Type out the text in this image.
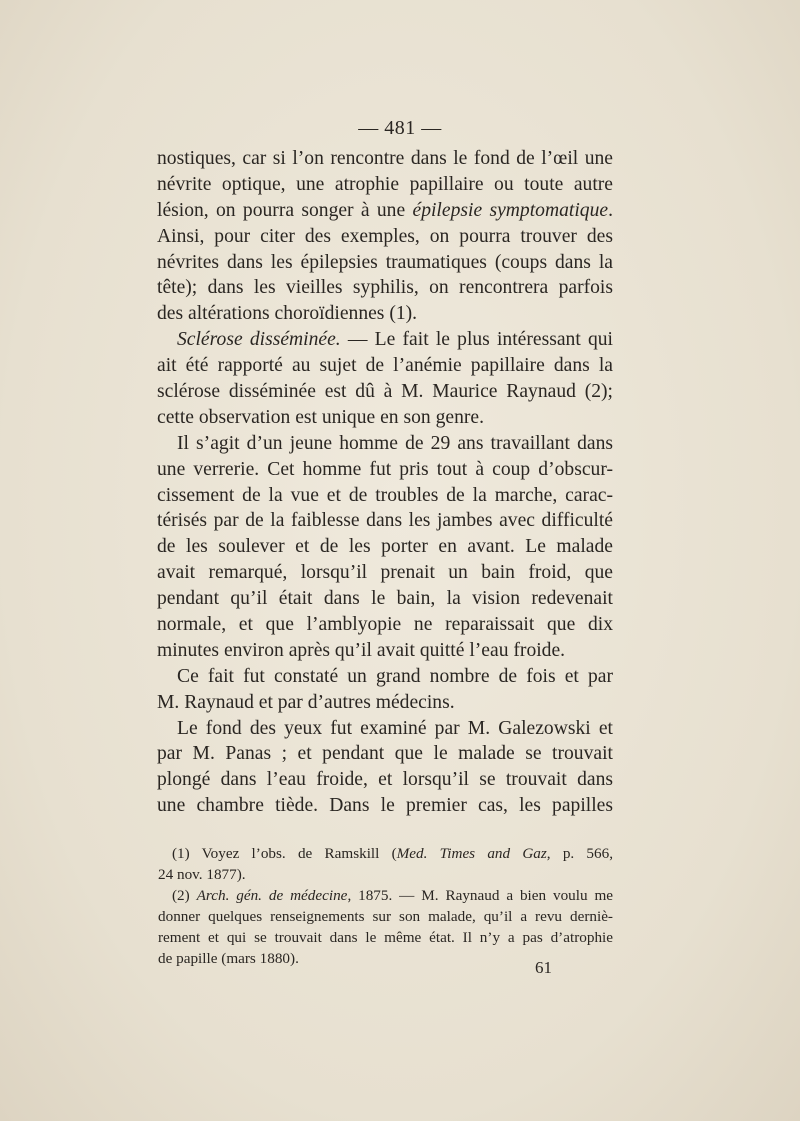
— 481 —
nostiques, car si l’on rencontre dans le fond de l’œil une
névrite optique, une atrophie papillaire ou toute autre
lésion, on pourra songer à une épilepsie symptomatique.
Ainsi, pour citer des exemples, on pourra trouver des
névrites dans les épilepsies traumatiques (coups dans la
tête); dans les vieilles syphilis, on rencontrera parfois
des altérations choroïdiennes (1).
Sclérose disséminée. — Le fait le plus intéressant qui
ait été rapporté au sujet de l’anémie papillaire dans la
sclérose disséminée est dû à M. Maurice Raynaud (2);
cette observation est unique en son genre.
Il s’agit d’un jeune homme de 29 ans travaillant dans
une verrerie. Cet homme fut pris tout à coup d’obscur-
cissement de la vue et de troubles de la marche, carac-
térisés par de la faiblesse dans les jambes avec difficulté
de les soulever et de les porter en avant. Le malade
avait remarqué, lorsqu’il prenait un bain froid, que
pendant qu’il était dans le bain, la vision redevenait
normale, et que l’amblyopie ne reparaissait que dix
minutes environ après qu’il avait quitté l’eau froide.
Ce fait fut constaté un grand nombre de fois et par
M. Raynaud et par d’autres médecins.
Le fond des yeux fut examiné par M. Galezowski et
par M. Panas ; et pendant que le malade se trouvait
plongé dans l’eau froide, et lorsqu’il se trouvait dans
une chambre tiède. Dans le premier cas, les papilles
(1) Voyez l’obs. de Ramskill (Med. Times and Gaz, p. 566,
24 nov. 1877).
(2) Arch. gén. de médecine, 1875. — M. Raynaud a bien voulu me
donner quelques renseignements sur son malade, qu’il a revu derniè-
rement et qui se trouvait dans le même état. Il n’y a pas d’atrophie
de papille (mars 1880).	61
